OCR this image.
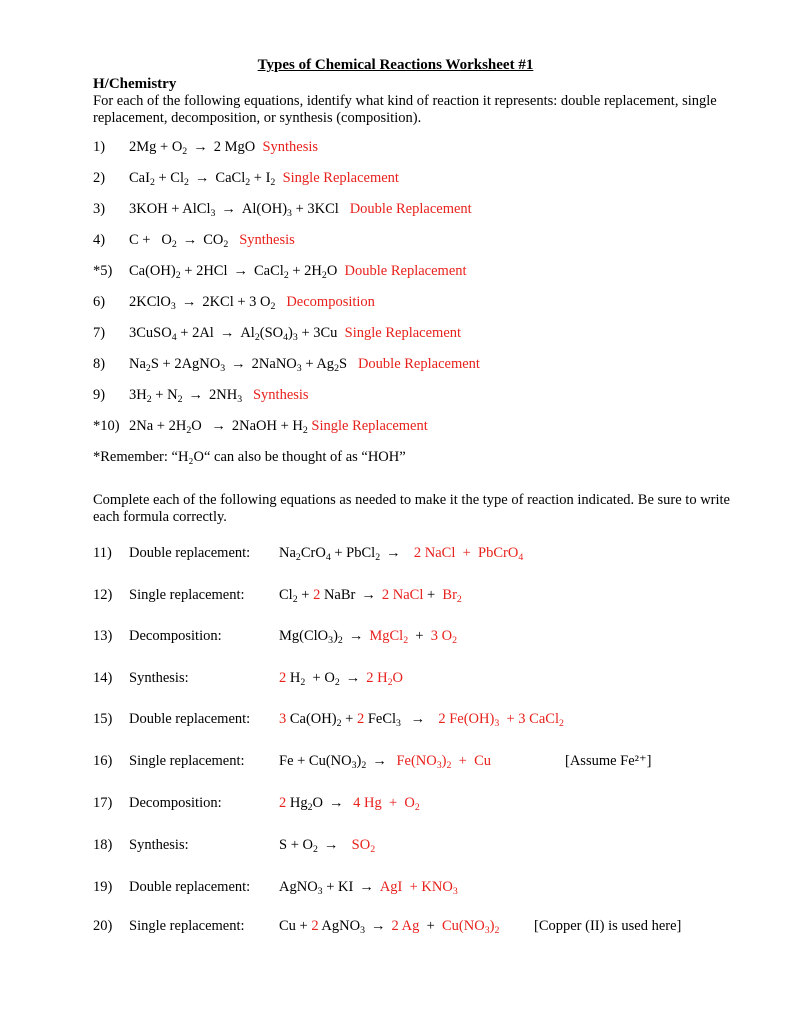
Types of Chemical Reactions Worksheet #1
H/Chemistry
For each of the following equations, identify what kind of reaction it represents: double replacement, single replacement, decomposition, or synthesis (composition).
1) $2Mg + O_2 \to 2$ MgO  Synthesis
2) $CaI_2 + Cl_2$ → CaCl$_2$ + $I_2$ Single Replacement
3) 3KOH + AlCl$_3$ → $Al(OH)_3 + 3KCl$   Double Replacement
4) $C + O_2 \to CO_2$ Synthesis
*5) $Ca(OH)_2 + 2HCl$ → CaCl$_2$ + $2H_2O$  Double Replacement
6) 2KClO$_3$ → 2KCl + 3 $O_2$ Decomposition
7) 3CuSO$_4$ + $2Al \to Al_2(SO_4)_3 + 3Cu$  Single Replacement
8) $Na_2S$ + 2AgNO$_3$ → 2NaNO$_3$ + $Ag_2S$   Double Replacement
9) $3H_2 + N_2 \to 2NH_3$ Synthesis
*10) $2Na + 2H_2O$ → 2NaOH + $H_2$ Single Replacement
*Remember: “H₂O“ can also be thought of as “HOH”
Complete each of the following equations as needed to make it the type of reaction indicated. Be sure to write each formula correctly.
11) Double replacement: $Na_2CrO_4$ + PbCl$_2$ → 2 NaCl  +  PbCrO$_4$
12) Single replacement: $Cl_2 + 2$ NaBr → 2 NaCl +  $Br_2$
13) Decomposition:	$Mg(ClO_3)_2$ → MgCl$_2$  +  3 $O_2$
14) Synthesis:	2 $H_2 + O_2 \to 2$ $H_2O$
15) Double replacement: 3 $Ca(OH)_2 + 2$ FeCl$_3$ → 2 $Fe(OH)_3 + 3$ CaCl$_2$
16) Single replacement: $Fe + Cu(NO_3)_2 \to Fe(NO_3)_2 + Cu$	[Assume Fe²⁺]
17) Decomposition:	2 $Hg_2O \to 4$ $Hg + O_2$
18) Synthesis:	$S + O_2 \to SO_2$
19) Double replacement: AgNO$_3$ + KI → AgI  + $KNO_3$
20) Single replacement: Cu + 2 AgNO$_3$ → 2 $Ag + Cu(NO_3)_2$ [Copper (II) is used here]
